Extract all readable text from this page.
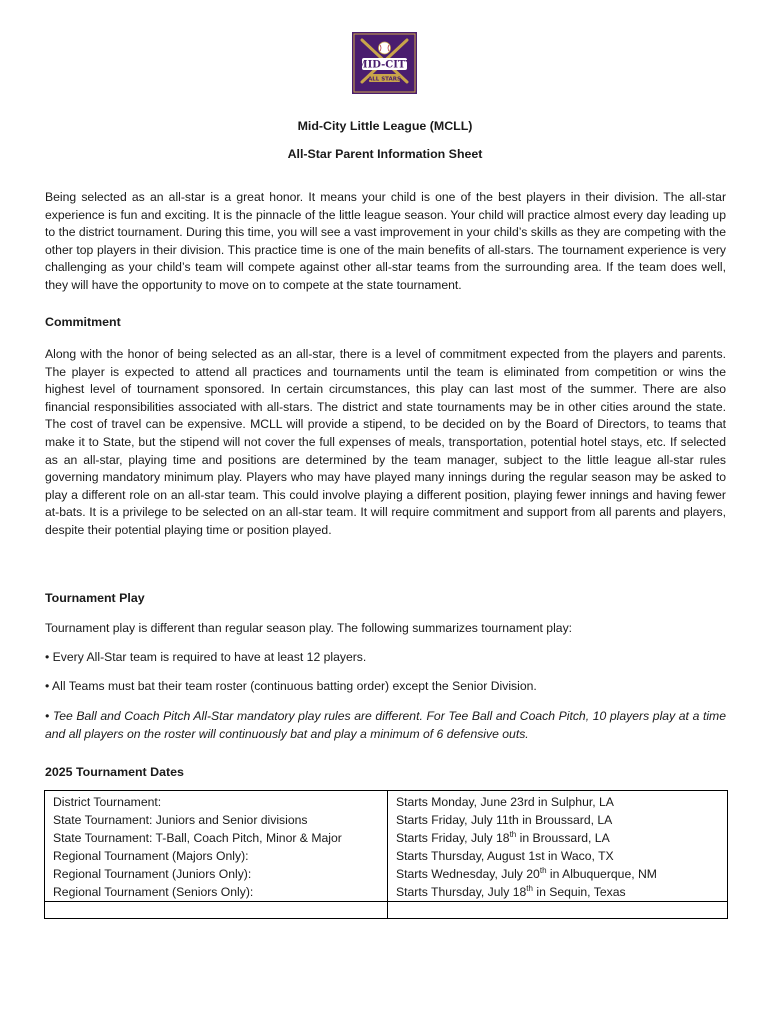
MID-CITY
ALL STARS
Mid-City Little League (MCLL)
All-Star Parent Information Sheet

Being selected as an all-star is a great honor. It means your child is one of the best players in their division. The all-star experience is fun and exciting. It is the pinnacle of the little league season. Your child will practice almost every day leading up to the district tournament. During this time, you will see a vast improvement in your child’s skills as they are competing with the other top players in their division. This practice time is one of the main benefits of all-stars. The tournament experience is very challenging as your child’s team will compete against other all-star teams from the surrounding area. If the team does well, they will have the opportunity to move on to compete at the state tournament.

Commitment

Along with the honor of being selected as an all-star, there is a level of commitment expected from the players and parents. The player is expected to attend all practices and tournaments until the team is eliminated from competition or wins the highest level of tournament sponsored. In certain circumstances, this play can last most of the summer. There are also financial responsibilities associated with all-stars. The district and state tournaments may be in other cities around the state. The cost of travel can be expensive. MCLL will provide a stipend, to be decided on by the Board of Directors, to teams that make it to State, but the stipend will not cover the full expenses of meals, transportation, potential hotel stays, etc. If selected as an all-star, playing time and positions are determined by the team manager, subject to the little league all-star rules governing mandatory minimum play. Players who may have played many innings during the regular season may be asked to play a different role on an all-star team. This could involve playing a different position, playing fewer innings and having fewer at-bats. It is a privilege to be selected on an all-star team. It will require commitment and support from all parents and players, despite their potential playing time or position played.

Tournament Play
Tournament play is different than regular season play. The following summarizes tournament play:
• Every All-Star team is required to have at least 12 players.
• All Teams must bat their team roster (continuous batting order) except the Senior Division.
• Tee Ball and Coach Pitch All-Star mandatory play rules are different. For Tee Ball and Coach Pitch, 10 players play at a time and all players on the roster will continuously bat and play a minimum of 6 defensive outs.
2025 Tournament Dates
District Tournament:	Starts Monday, June 23rd in Sulphur, LA
State Tournament: Juniors and Senior divisions	Starts Friday, July 11th in Broussard, LA
State Tournament: T-Ball, Coach Pitch, Minor & Major	Starts Friday, July 18th in Broussard, LA
Regional Tournament (Majors Only):	Starts Thursday, August 1st in Waco, TX
Regional Tournament (Juniors Only):	Starts Wednesday, July 20th in Albuquerque, NM
Regional Tournament (Seniors Only):	Starts Thursday, July 18th in Sequin, Texas
